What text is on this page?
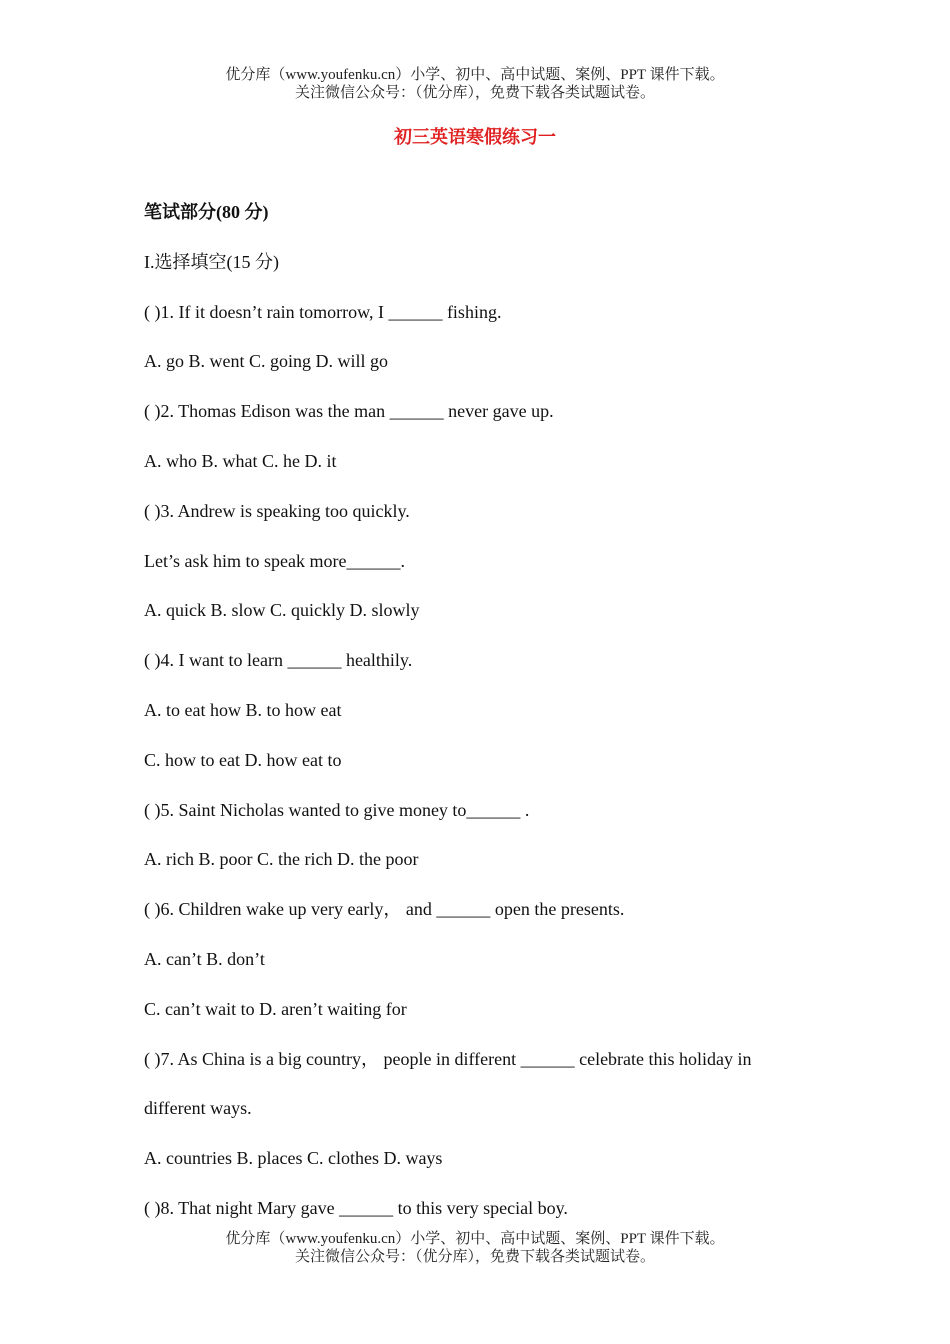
优分库（www.youfenku.cn）小学、初中、高中试题、案例、PPT 课件下载。
关注微信公众号：（优分库），免费下载各类试题试卷。
初三英语寒假练习一
笔试部分(80 分)
I.选择填空(15 分)
( )1. If it doesn’t rain tomorrow, I ______ fishing.
A. go B. went C. going D. will go
( )2. Thomas Edison was the man ______ never gave up.
A. who B. what C. he D. it
( )3. Andrew is speaking too quickly.
Let’s ask him to speak more______.
A. quick B. slow C. quickly D. slowly
( )4. I want to learn ______ healthily.
A. to eat how B. to how eat
C. how to eat D. how eat to
( )5. Saint Nicholas wanted to give money to______ .
A. rich B. poor C. the rich D. the poor
( )6. Children wake up very early， and ______ open the presents.
A. can’t B. don’t
C. can’t wait to D. aren’t waiting for
( )7. As China is a big country， people in different ______ celebrate this holiday in
different ways.
A. countries B. places C. clothes D. ways
( )8. That night Mary gave ______ to this very special boy.
优分库（www.youfenku.cn）小学、初中、高中试题、案例、PPT 课件下载。
关注微信公众号：（优分库），免费下载各类试题试卷。
